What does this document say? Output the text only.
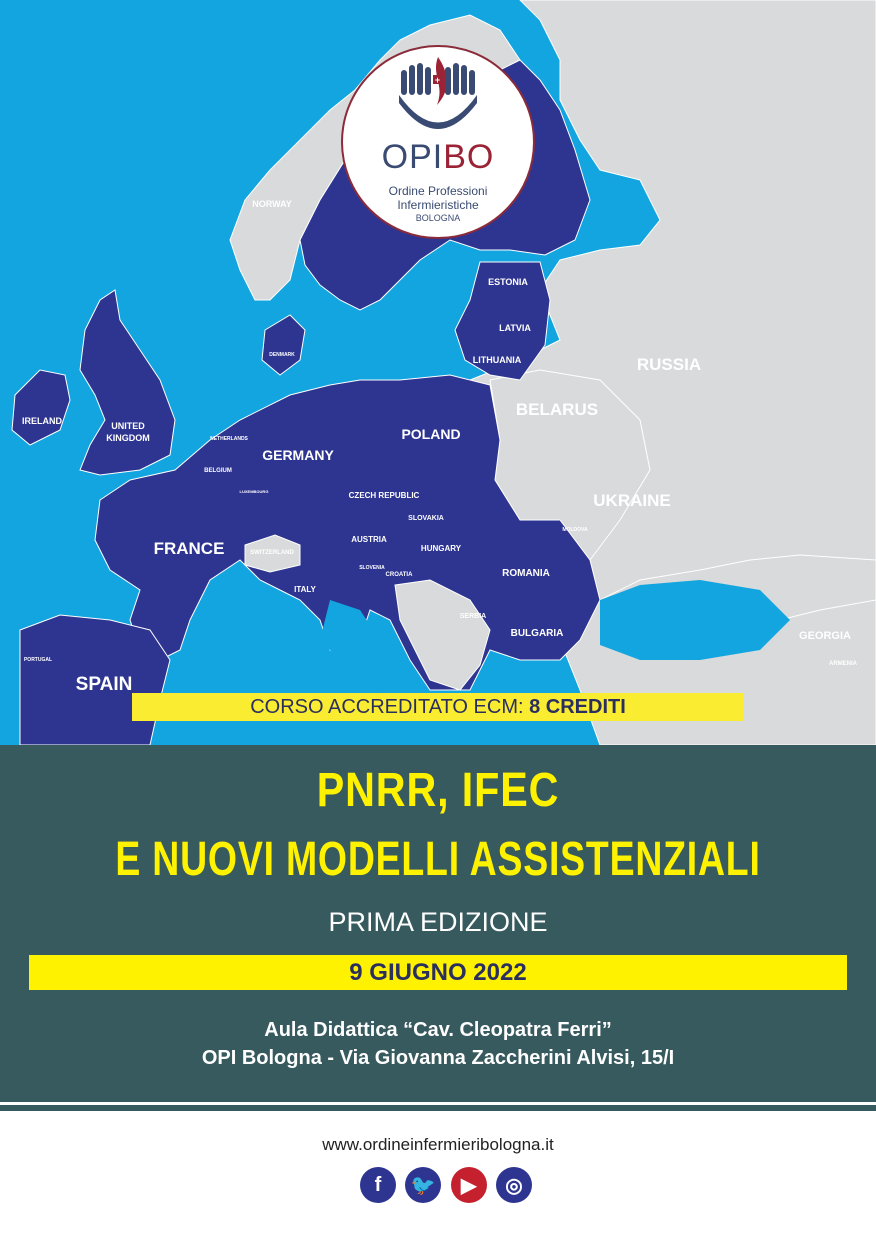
NORWAY
ESTONIA
LATVIA
LITHUANIA	RUSSIA
BELARUS
UKRAINE
IRELAND	UNITED
KINGDOM
DENMARK
NETHERLANDS
BELGIUM
LUXEMBOURG
GERMANY
POLAND
CZECH REPUBLIC
SLOVAKIA
AUSTRIA
HUNGARY
FRANCE	SWITZERLAND
SLOVENIA
CROATIA	ROMANIA
ITALY
SERBIA
BULGARIA
MOLDOVA
GEORGIA
ARMENIA
PORTUGAL
SPAIN
+
OPIBO
Ordine Professioni
Infermieristiche
BOLOGNA
CORSO ACCREDITATO ECM: 8 CREDITI
PNRR, IFEC
E NUOVI MODELLI ASSISTENZIALI
PRIMA EDIZIONE
9 GIUGNO 2022
Aula Didattica “Cav. Cleopatra Ferri”
OPI Bologna - Via Giovanna Zaccherini Alvisi, 15/I
www.ordineinfermieribologna.it
f	🐦	▶	◎
